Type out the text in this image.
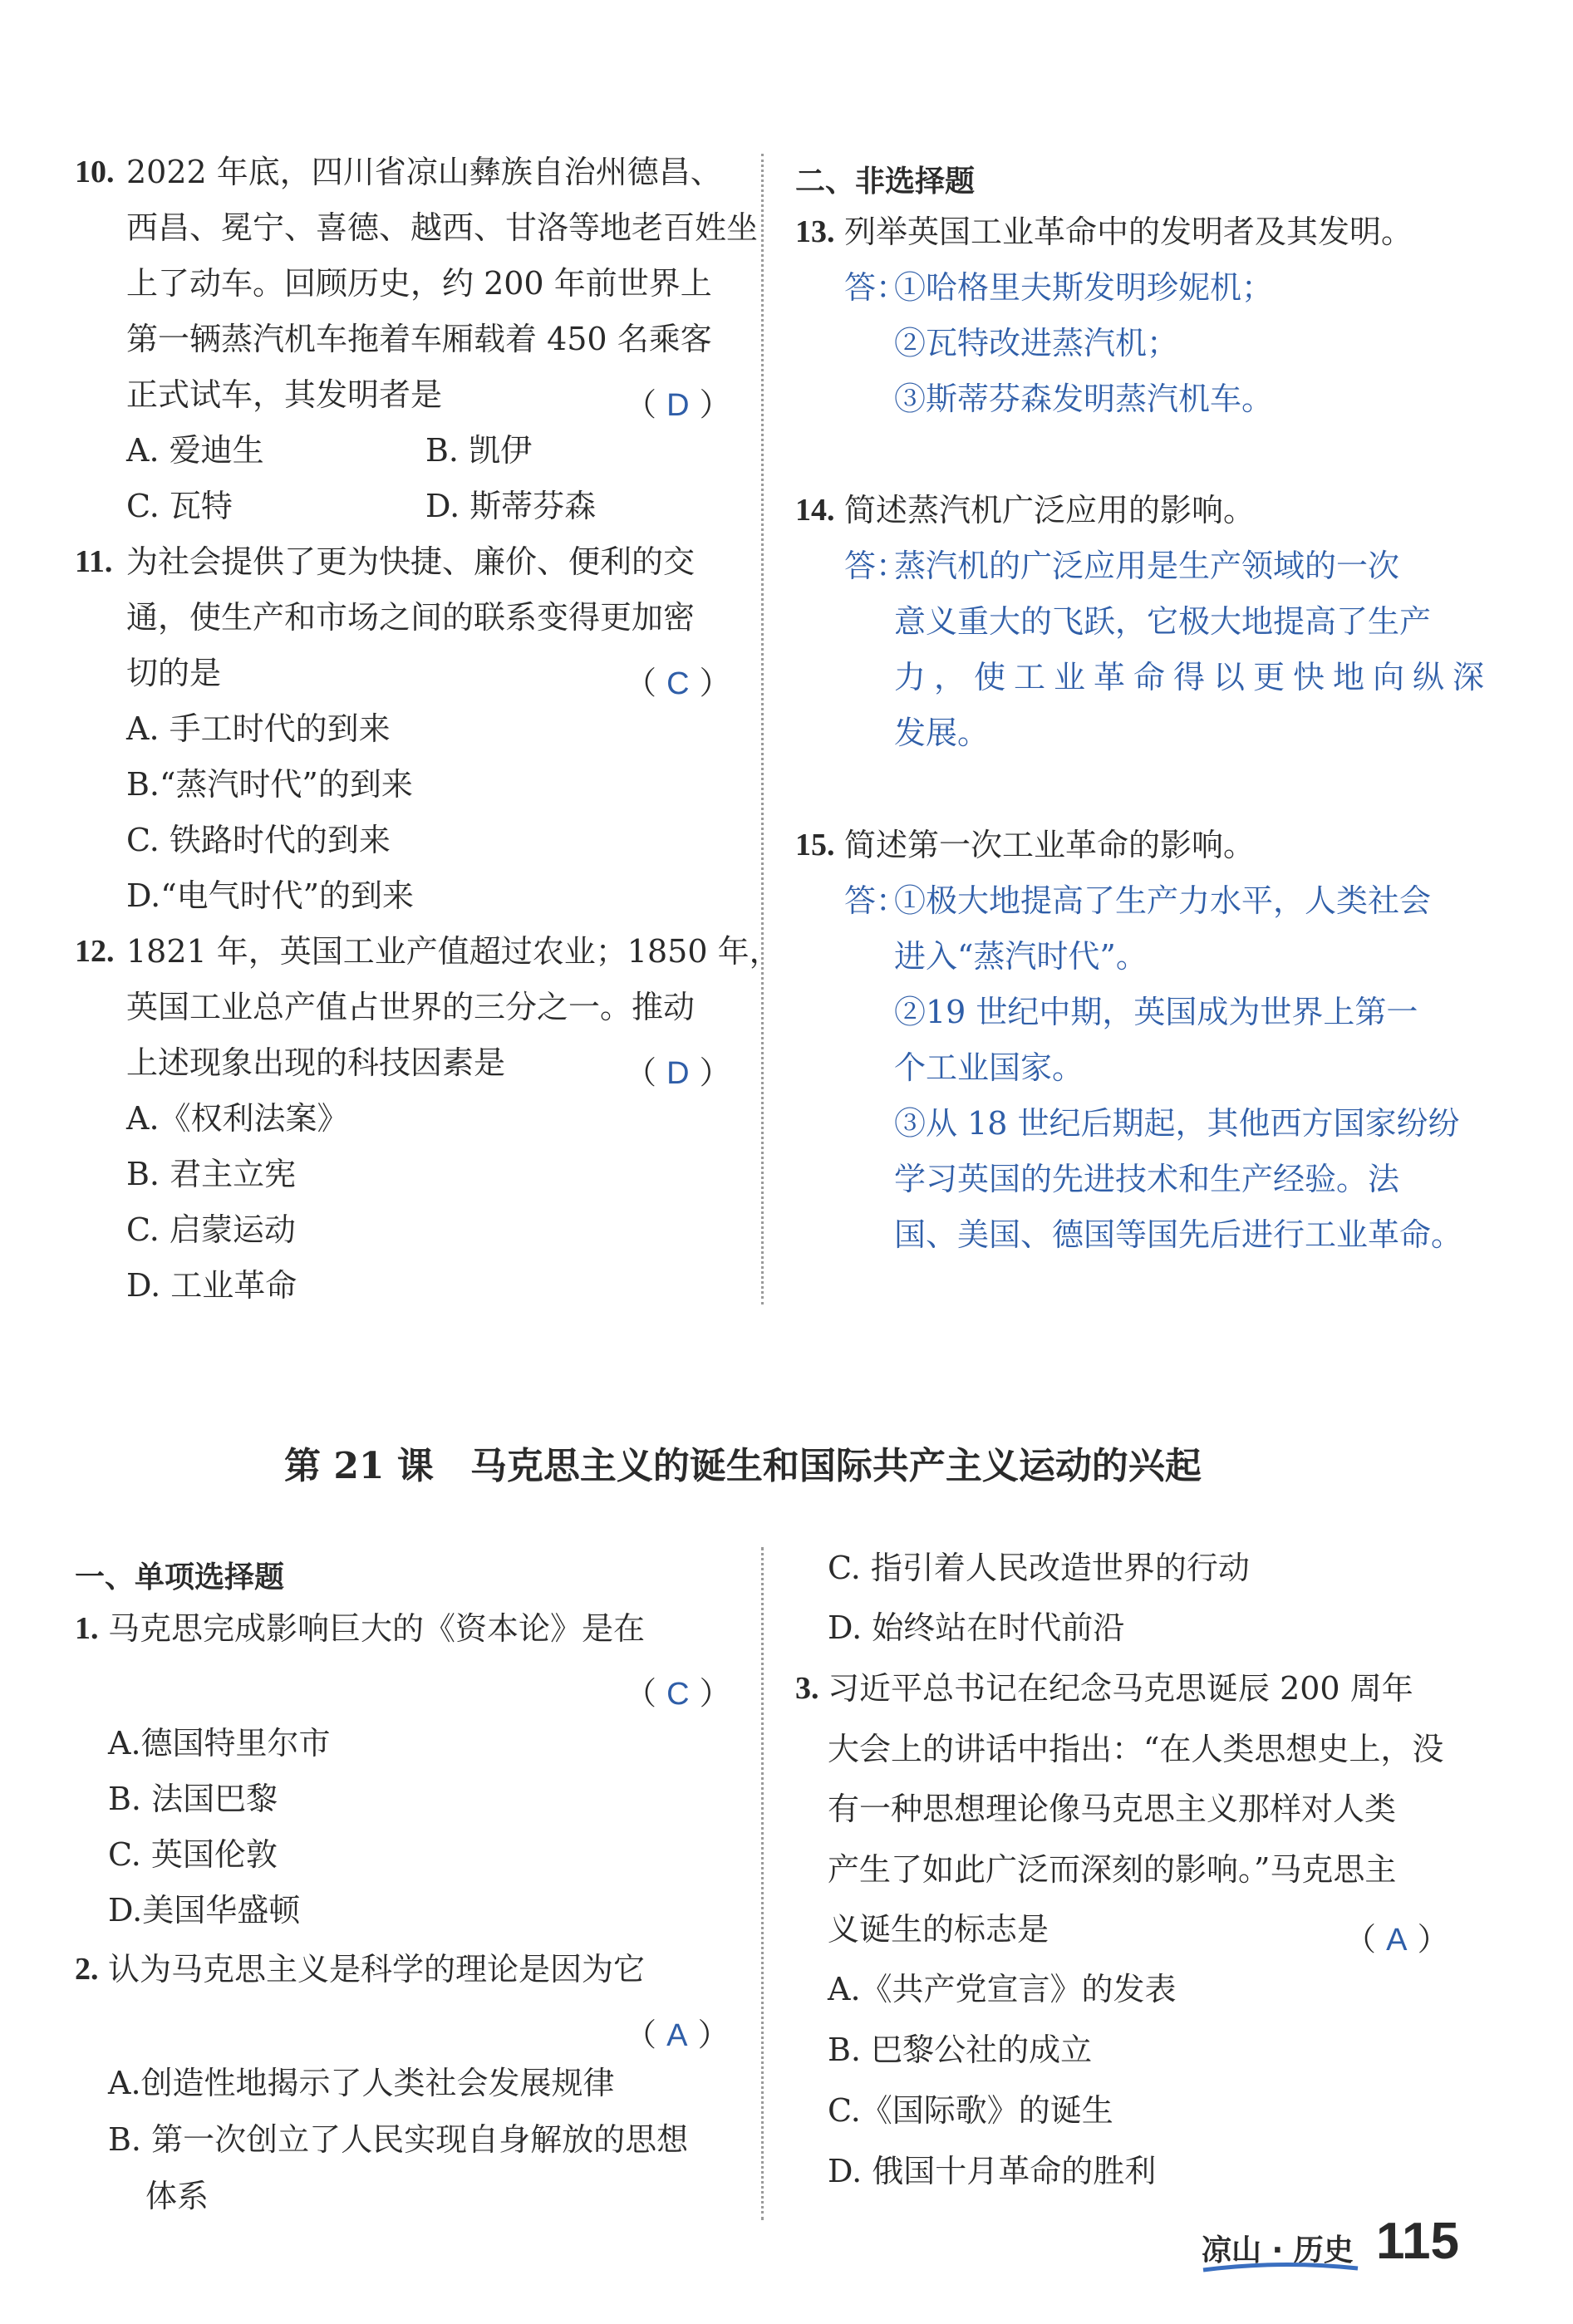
10. 2022 年底，四川省凉山彝族自治州德昌、
西昌、冕宁、喜德、越西、甘洛等地老百姓坐
上了动车。回顾历史，约 200 年前世界上
第一辆蒸汽机车拖着车厢载着 450 名乘客
正式试车，其发明者是	（ D ）
A. 爱迪生	B. 凯伊
C. 瓦特	D. 斯蒂芬森
11. 为社会提供了更为快捷、廉价、便利的交
通，使生产和市场之间的联系变得更加密
切的是	（ C ）
A. 手工时代的到来
B.“蒸汽时代”的到来
C. 铁路时代的到来
D.“电气时代”的到来
12. 1821 年，英国工业产值超过农业；1850 年，
英国工业总产值占世界的三分之一。推动
上述现象出现的科技因素是	（ D ）
A.《权利法案》
B. 君主立宪
C. 启蒙运动
D. 工业革命
二、非选择题
13. 列举英国工业革命中的发明者及其发明。
答：
①哈格里夫斯发明珍妮机；
②瓦特改进蒸汽机；
③斯蒂芬森发明蒸汽机车。
14. 简述蒸汽机广泛应用的影响。
答：
蒸汽机的广泛应用是生产领域的一次
意义重大的飞跃，它极大地提高了生产
力，使工业革命得以更快地向纵深
发展。
15. 简述第一次工业革命的影响。
答：
①极大地提高了生产力水平，人类社会
进入“蒸汽时代”。
②19 世纪中期，英国成为世界上第一
个工业国家。
③从 18 世纪后期起，其他西方国家纷纷
学习英国的先进技术和生产经验。法
国、美国、德国等国先后进行工业革命。
第 21 课　马克思主义的诞生和国际共产主义运动的兴起
一、单项选择题
1. 马克思完成影响巨大的《资本论》是在
（ C ）
A.德国特里尔市
B. 法国巴黎
C. 英国伦敦
D.美国华盛顿
2. 认为马克思主义是科学的理论是因为它
（ A ）
A.创造性地揭示了人类社会发展规律
B. 第一次创立了人民实现自身解放的思想
体系
C. 指引着人民改造世界的行动
D. 始终站在时代前沿
3. 习近平总书记在纪念马克思诞辰 200 周年
大会上的讲话中指出：“在人类思想史上，没
有一种思想理论像马克思主义那样对人类
产生了如此广泛而深刻的影响。”马克思主
义诞生的标志是	（ A ）
A.《共产党宣言》的发表
B. 巴黎公社的成立
C.《国际歌》的诞生
D. 俄国十月革命的胜利
凉山 · 历史 115
